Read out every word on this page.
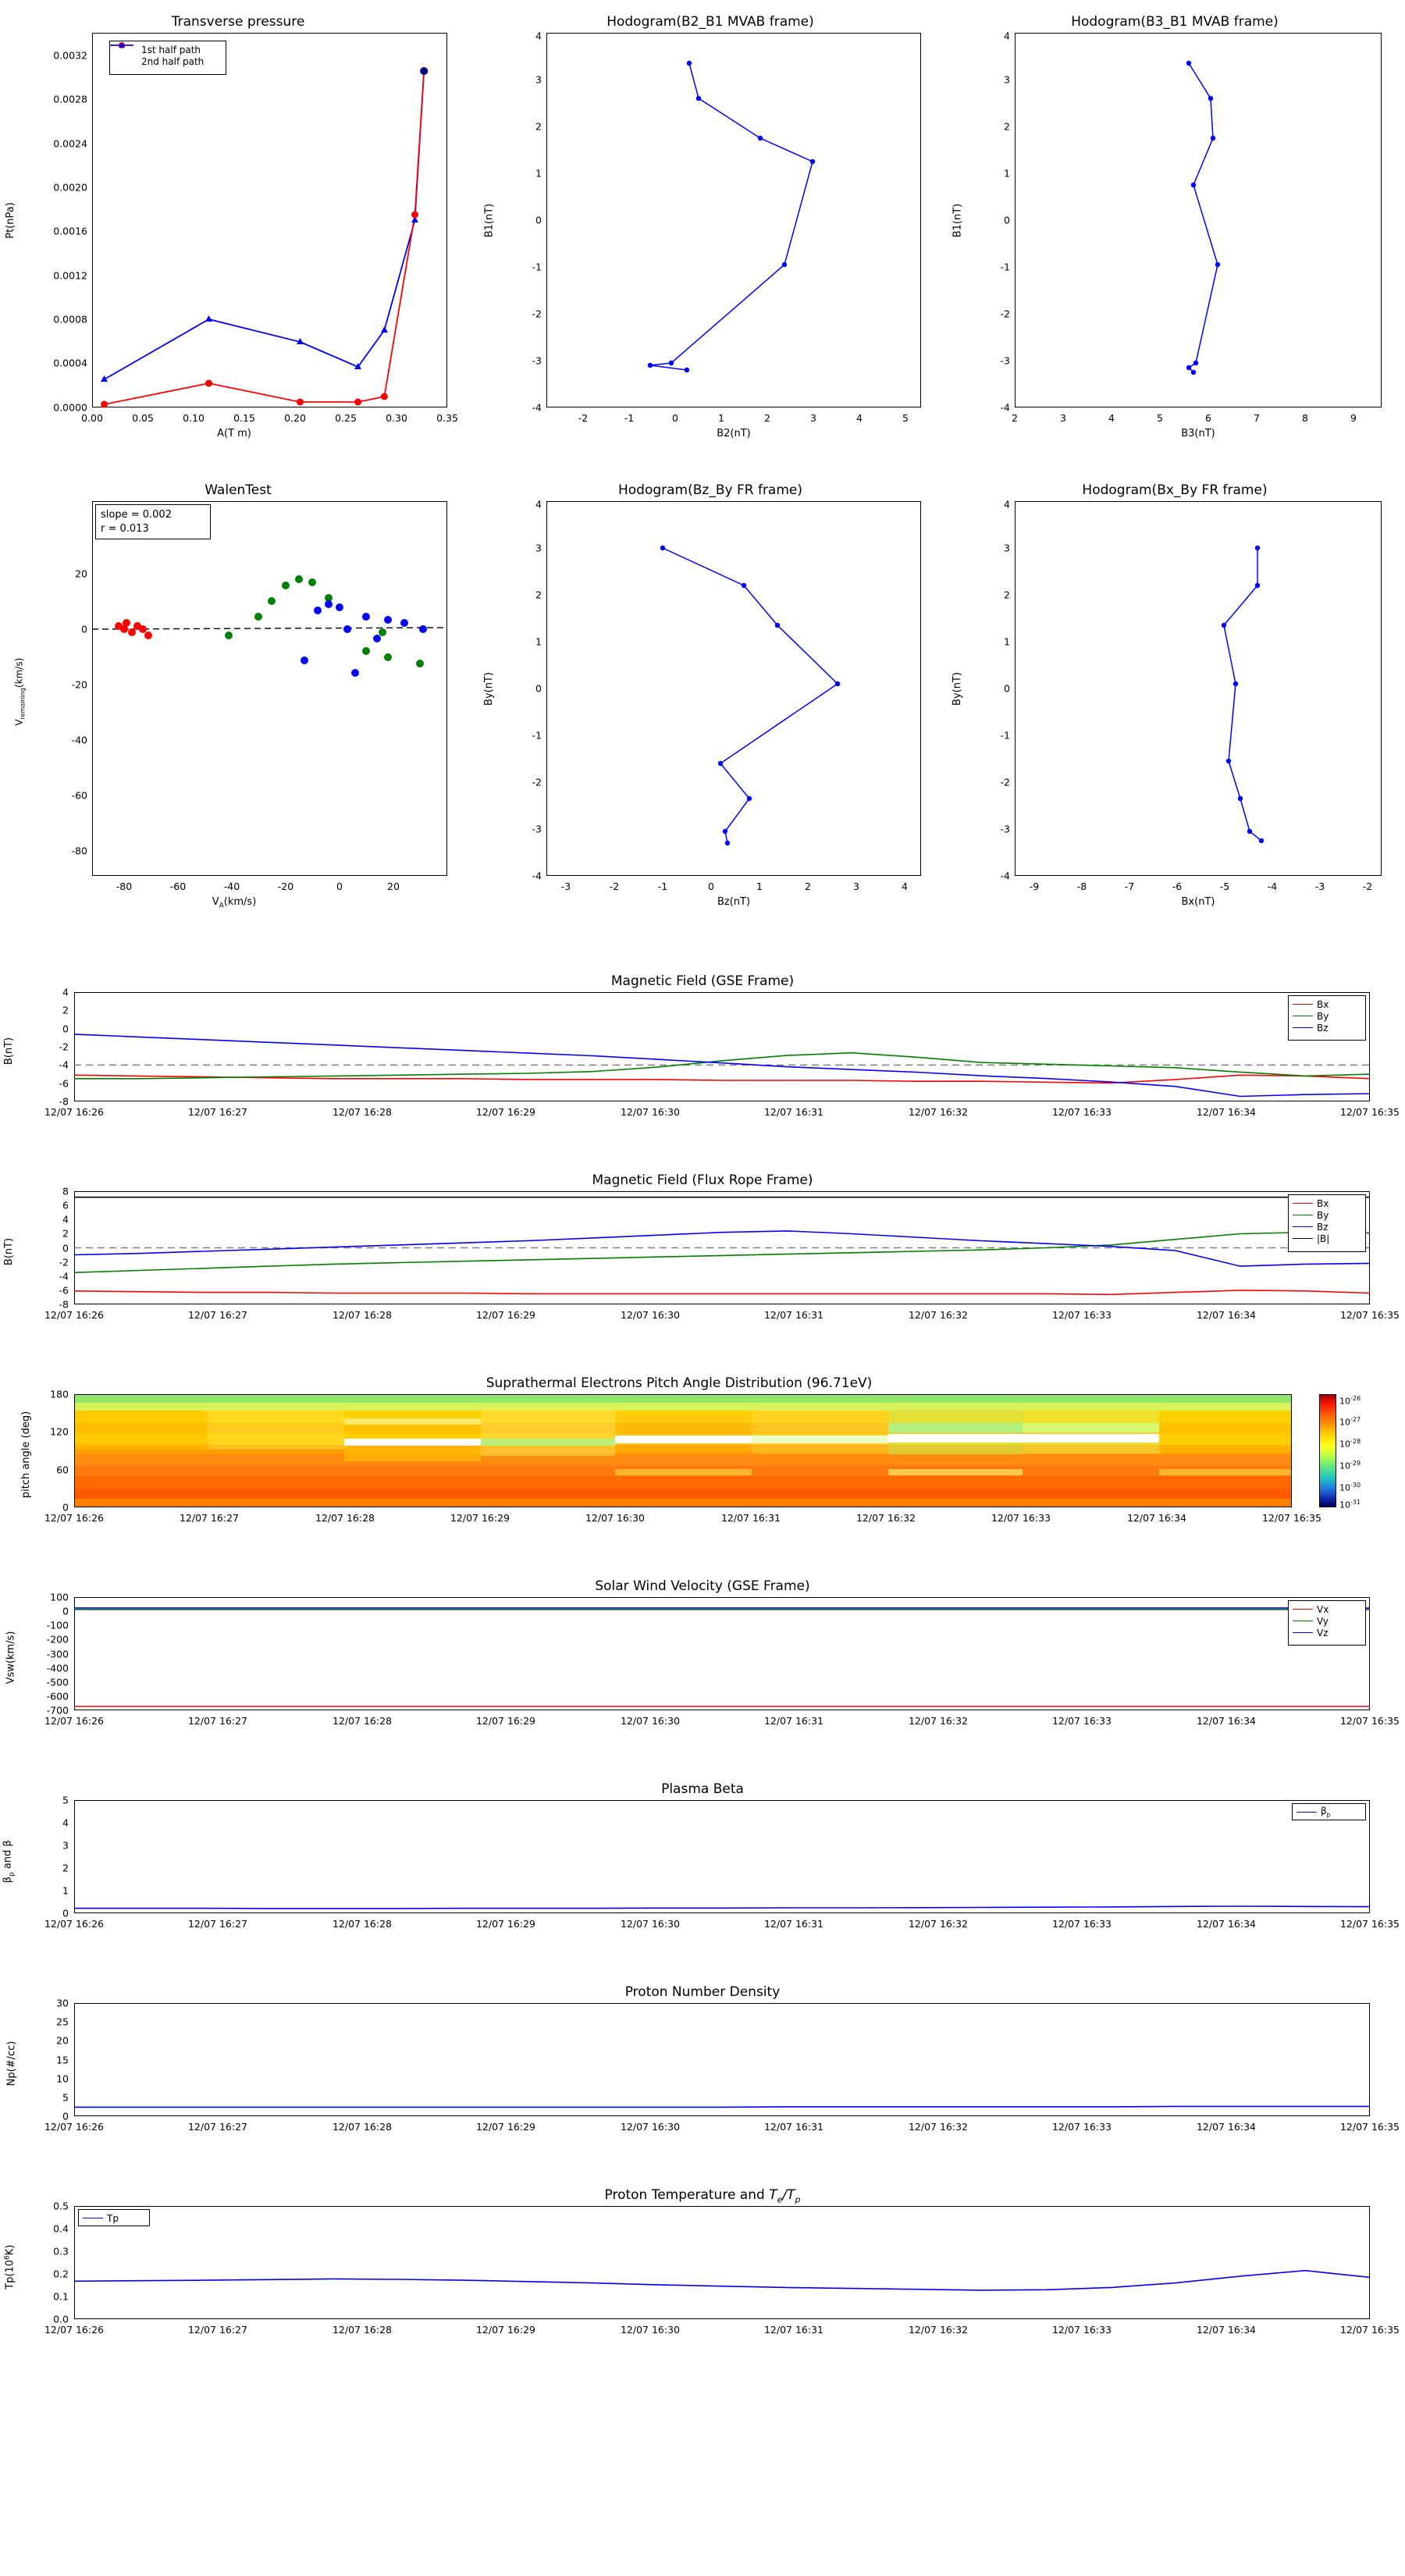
Transverse pressure
1st half path
2nd half path
0.0000
0.0004
0.0008
0.0012
0.0016
0.0020
0.0024
0.0028
0.0032
0.00	0.05	0.10	0.15	0.20	0.25	0.30	0.35
Pt(nPa)
A(T m)
Hodogram(B2_B1 MVAB frame)
-4
-3
-2
-1
0
1
2
3
4
-2	-1	0	1	2	3	4	5
B1(nT)
B2(nT)
Hodogram(B3_B1 MVAB frame)
-4
-3
-2
-1
0
1
2
3
4
2	3	4	5	6	7	8	9
B1(nT)
B3(nT)
WalenTest
slope = 0.002
r = 0.013
-80
-60
-40
-20
0
20
-80	-60	-40	-20	0	20
$V_{remaining}(km/s)$
$V_A(km/s)$
Hodogram(Bz_By FR frame)
-4
-3
-2
-1
0
1
2
3
4
-3	-2	-1	0	1	2	3	4
By(nT)
Bz(nT)
Hodogram(Bx_By FR frame)
-4
-3
-2
-1
0
1
2
3
4
-9	-8	-7	-6	-5	-4	-3	-2
By(nT)
Bx(nT)
Magnetic Field (GSE Frame)
Bx
By
Bz
-8
-6
-4
-2
0
2
4
12/07 16:26	12/07 16:27	12/07 16:28	12/07 16:29	12/07 16:30	12/07 16:31	12/07 16:32	12/07 16:33	12/07 16:34	12/07 16:35
B(nT)
Magnetic Field (Flux Rope Frame)
Bx
By
Bz
|B|
-8
-6
-4
-2
0
2
4
6
8
12/07 16:26	12/07 16:27	12/07 16:28	12/07 16:29	12/07 16:30	12/07 16:31	12/07 16:32	12/07 16:33	12/07 16:34	12/07 16:35
B(nT)
Suprathermal Electrons Pitch Angle Distribution (96.71eV)
$10^{-26}$
$10^{-27}$
$10^{-28}$
$10^{-29}$
$10^{-30}$
$10^{-31}$
0
60
120
180
12/07 16:26	12/07 16:27	12/07 16:28	12/07 16:29	12/07 16:30	12/07 16:31	12/07 16:32	12/07 16:33	12/07 16:34	12/07 16:35
pitch angle (deg)
Solar Wind Velocity (GSE Frame)
Vx
Vy
Vz
-700
-600
-500
-400
-300
-200
-100
0
100
12/07 16:26	12/07 16:27	12/07 16:28	12/07 16:29	12/07 16:30	12/07 16:31	12/07 16:32	12/07 16:33	12/07 16:34	12/07 16:35
Vsw(km/s)
Plasma Beta
$\beta_p$
0
1
2
3
4
5
12/07 16:26	12/07 16:27	12/07 16:28	12/07 16:29	12/07 16:30	12/07 16:31	12/07 16:32	12/07 16:33	12/07 16:34	12/07 16:35
$\beta_p$ and β
Proton Number Density
0
5
10
15
20
25
30
12/07 16:26	12/07 16:27	12/07 16:28	12/07 16:29	12/07 16:30	12/07 16:31	12/07 16:32	12/07 16:33	12/07 16:34	12/07 16:35
Np(#/cc)
Proton Temperature and $T_e/T_p$
Tp
0.0
0.1
0.2
0.3
0.4
0.5
12/07 16:26	12/07 16:27	12/07 16:28	12/07 16:29	12/07 16:30	12/07 16:31	12/07 16:32	12/07 16:33	12/07 16:34	12/07 16:35
$Tp(10^6K)$
